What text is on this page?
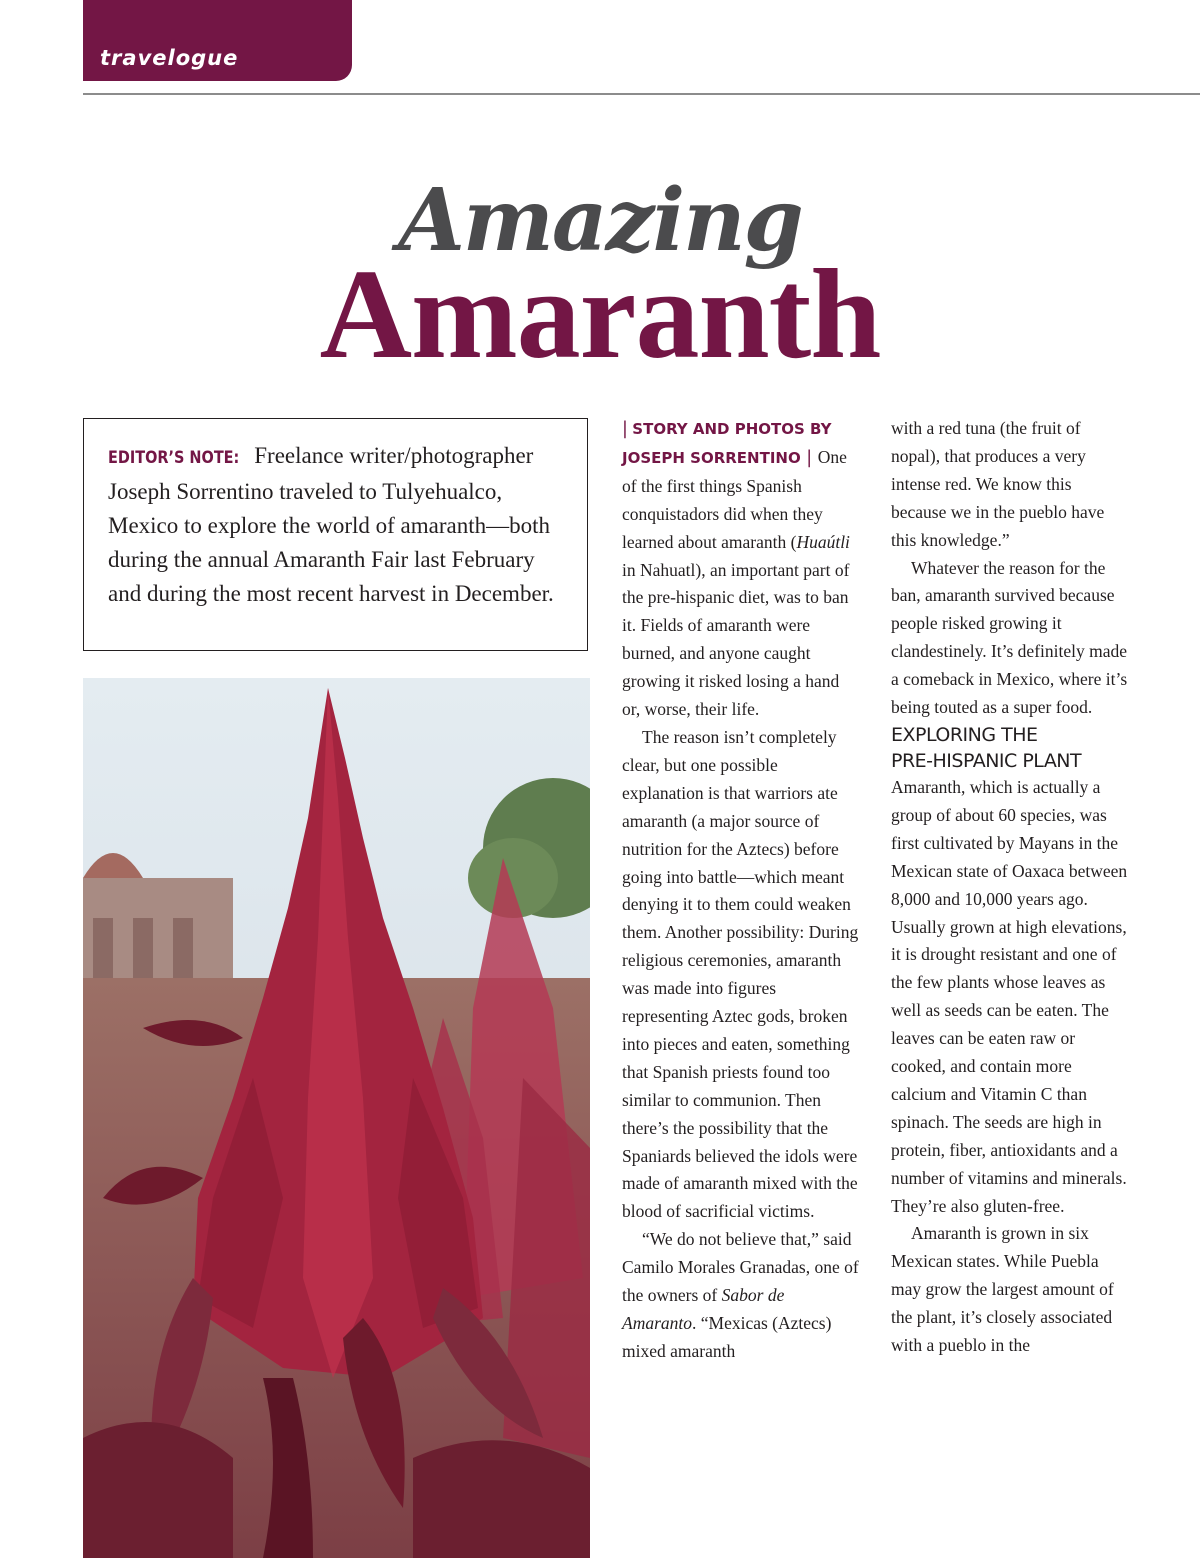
travelogue
Amazing
Amaranth

EDITOR’S NOTE: Freelance writer/photographer Joseph Sorrentino traveled to Tulyehualco, Mexico to explore the world of amaranth—both during the annual Amaranth Fair last February and during the most recent harvest in December.

| STORY AND PHOTOS BY JOSEPH SORRENTINO | One of the first things Spanish conquistadors did when they learned about amaranth (Huaútli in Nahuatl), an important part of the pre-hispanic diet, was to ban it. Fields of amaranth were burned, and anyone caught growing it risked losing a hand or, worse, their life.

The reason isn’t completely clear, but one possible explanation is that warriors ate amaranth (a major source of nutrition for the Aztecs) before going into battle—which meant denying it to them could weaken them. Another possibility: During religious ceremonies, amaranth was made into figures representing Aztec gods, broken into pieces and eaten, something that Spanish priests found too similar to communion. Then there’s the possibility that the Spaniards believed the idols were made of amaranth mixed with the blood of sacrificial victims.

“We do not believe that,” said Camilo Morales Granadas, one of the owners of Sabor de Amaranto. “Mexicas (Aztecs) mixed amaranth

with a red tuna (the fruit of nopal), that produces a very intense red. We know this because we in the pueblo have this knowledge.”

Whatever the reason for the ban, amaranth survived because people risked growing it clandestinely. It’s definitely made a comeback in Mexico, where it’s being touted as a super food.

EXPLORING THE
PRE-HISPANIC PLANT

Amaranth, which is actually a group of about 60 species, was first cultivated by Mayans in the Mexican state of Oaxaca between 8,000 and 10,000 years ago. Usually grown at high elevations, it is drought resistant and one of the few plants whose leaves as well as seeds can be eaten. The leaves can be eaten raw or cooked, and contain more calcium and Vitamin C than spinach. The seeds are high in protein, fiber, antioxidants and a number of vitamins and minerals. They’re also gluten-free.

Amaranth is grown in six Mexican states. While Puebla may grow the largest amount of the plant, it’s closely associated with a pueblo in the
